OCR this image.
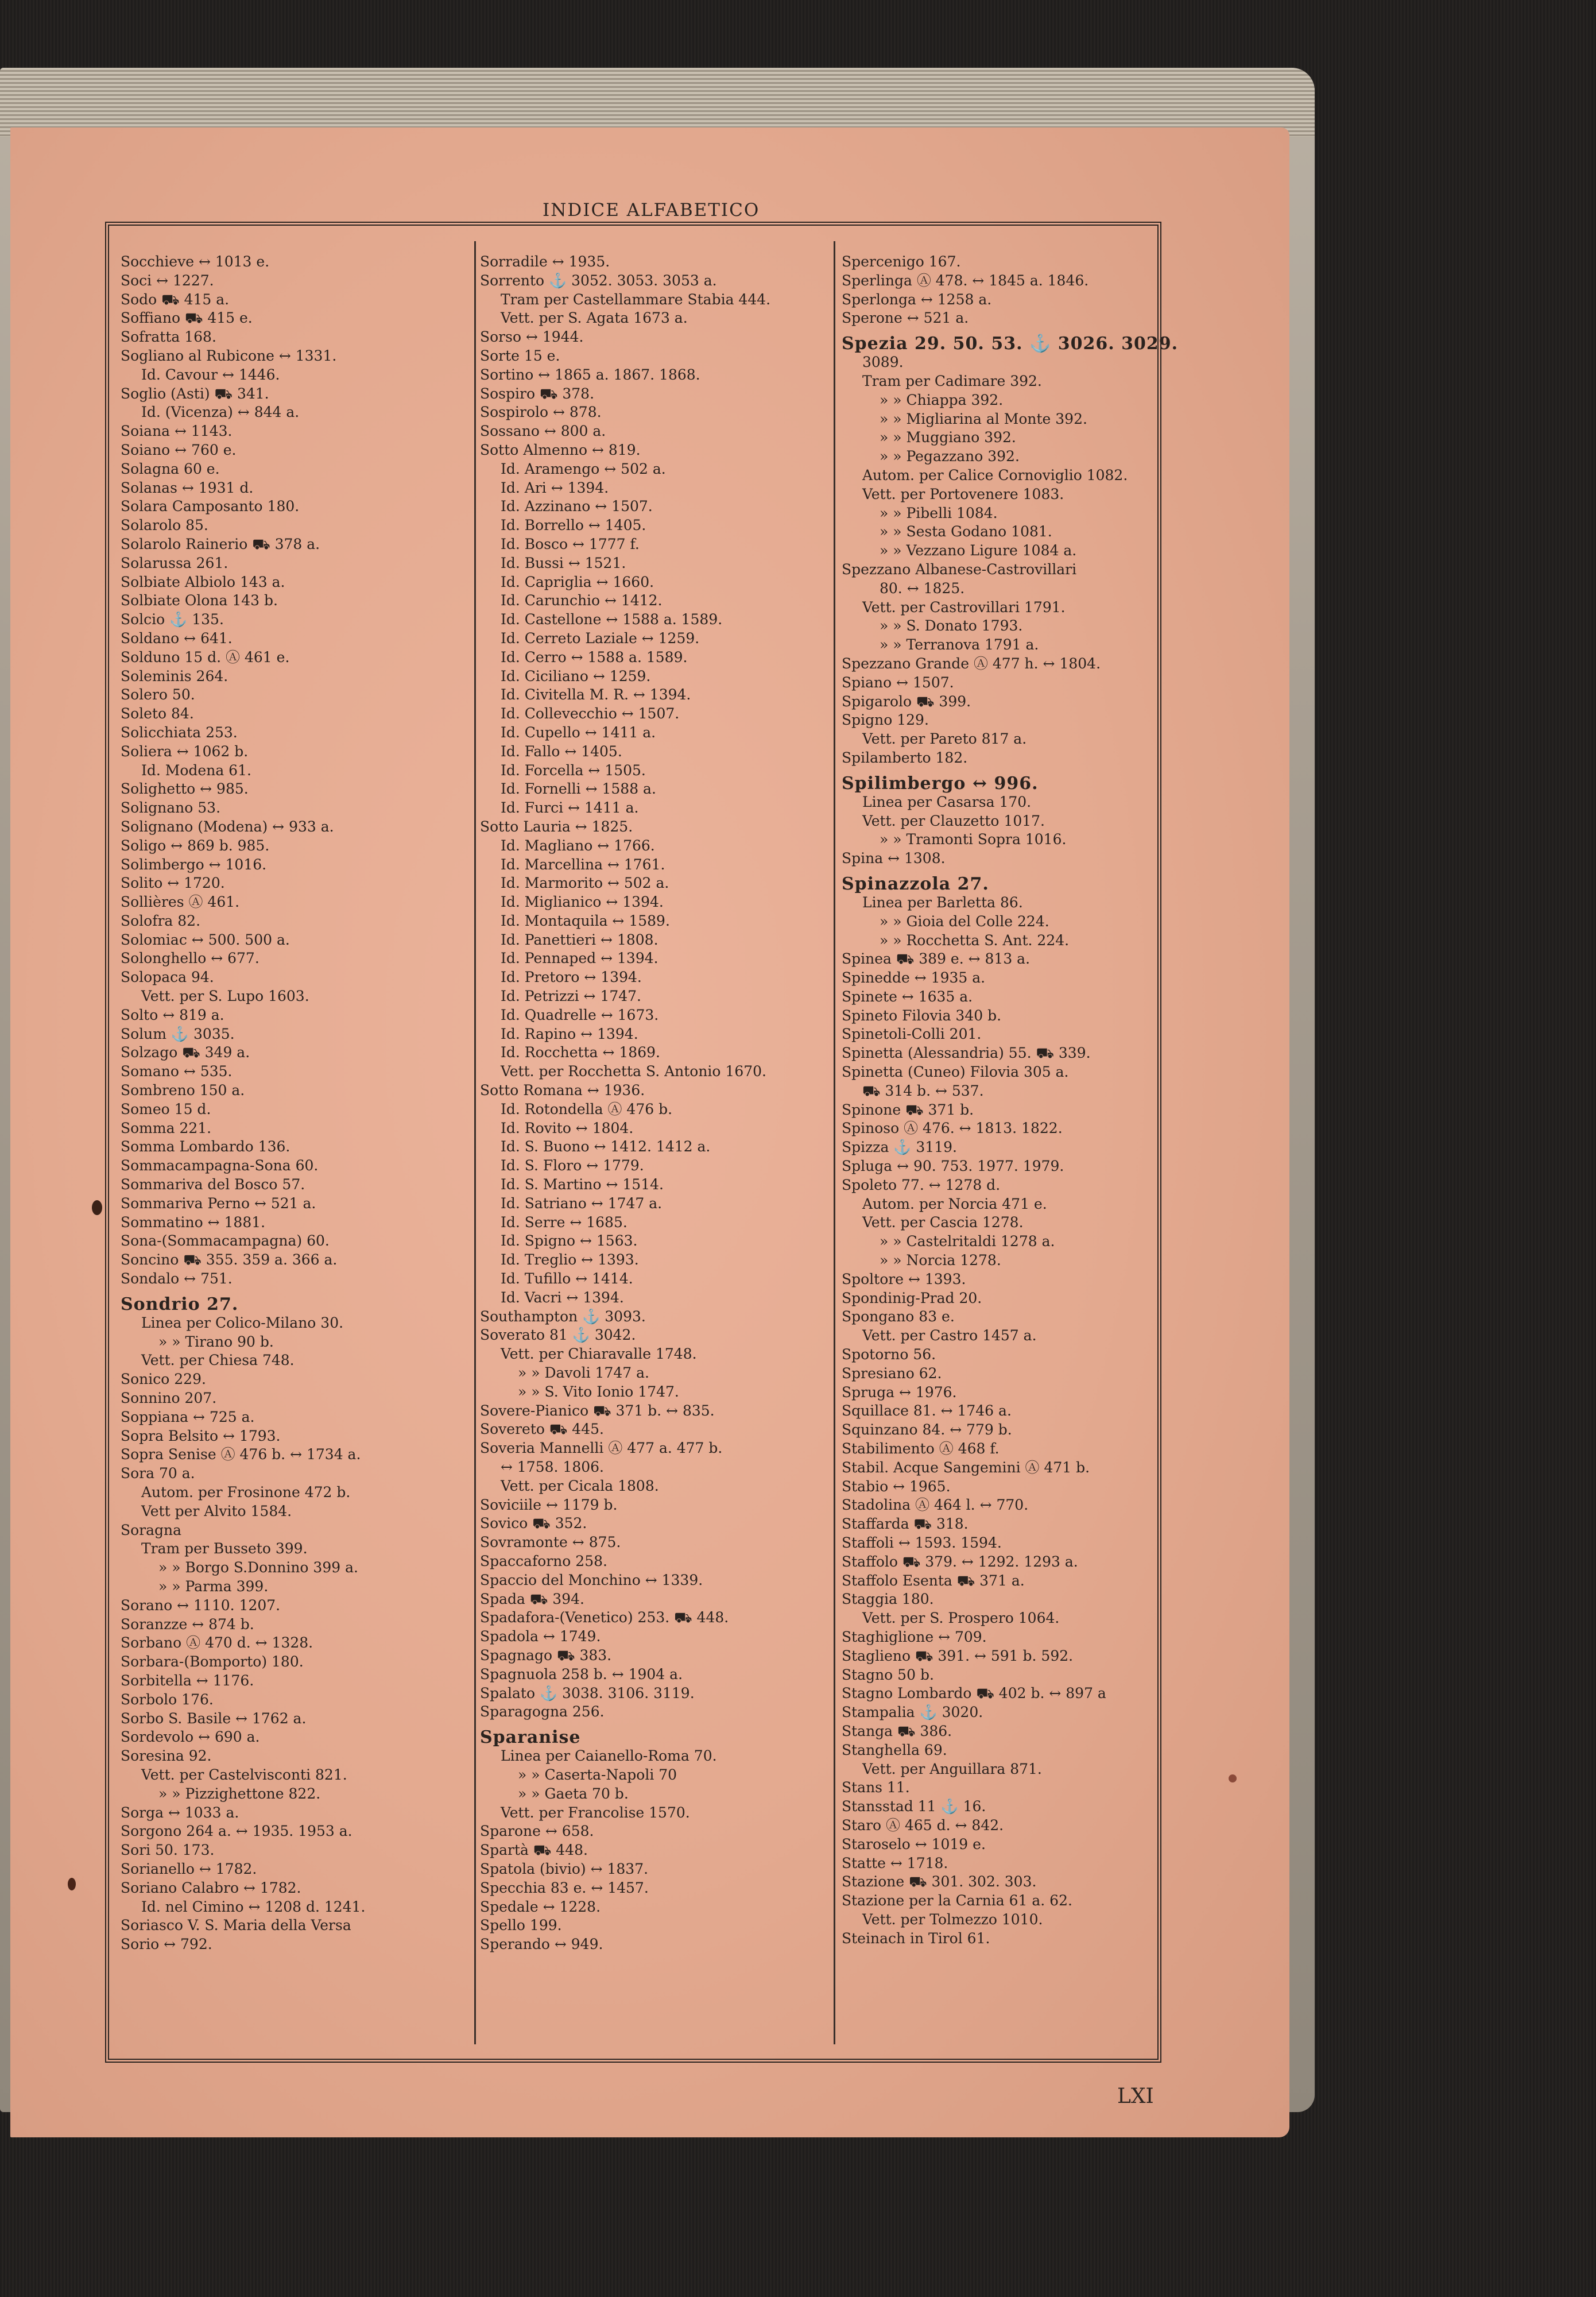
INDICE ALFABETICO
Socchieve ↔ 1013 e.
Soci ↔ 1227.
Sodo ⛟ 415 a.
Soffiano ⛟ 415 e.
Sofratta 168.
Sogliano al Rubicone ↔ 1331.
Id. Cavour ↔ 1446.
Soglio (Asti) ⛟ 341.
Id. (Vicenza) ↔ 844 a.
Soiana ↔ 1143.
Soiano ↔ 760 e.
Solagna 60 e.
Solanas ↔ 1931 d.
Solara Camposanto 180.
Solarolo 85.
Solarolo Rainerio ⛟ 378 a.
Solarussa 261.
Solbiate Albiolo 143 a.
Solbiate Olona 143 b.
Solcio ⚓ 135.
Soldano ↔ 641.
Solduno 15 d. Ⓐ 461 e.
Soleminis 264.
Solero 50.
Soleto 84.
Solicchiata 253.
Soliera ↔ 1062 b.
Id. Modena 61.
Solighetto ↔ 985.
Solignano 53.
Solignano (Modena) ↔ 933 a.
Soligo ↔ 869 b. 985.
Solimbergo ↔ 1016.
Solito ↔ 1720.
Sollières Ⓐ 461.
Solofra 82.
Solomiac ↔ 500. 500 a.
Solonghello ↔ 677.
Solopaca 94.
Vett. per S. Lupo 1603.
Solto ↔ 819 a.
Solum ⚓ 3035.
Solzago ⛟ 349 a.
Somano ↔ 535.
Sombreno 150 a.
Someo 15 d.
Somma 221.
Somma Lombardo 136.
Sommacampagna-Sona 60.
Sommariva del Bosco 57.
Sommariva Perno ↔ 521 a.
Sommatino ↔ 1881.
Sona-(Sommacampagna) 60.
Soncino ⛟ 355. 359 a. 366 a.
Sondalo ↔ 751.
Sondrio 27.
Linea per Colico-Milano 30.
» » Tirano 90 b.
Vett. per Chiesa 748.
Sonico 229.
Sonnino 207.
Soppiana ↔ 725 a.
Sopra Belsito ↔ 1793.
Sopra Senise Ⓐ 476 b. ↔ 1734 a.
Sora 70 a.
Autom. per Frosinone 472 b.
Vett per Alvito 1584.
Soragna
Tram per Busseto 399.
» » Borgo S.Donnino 399 a.
» » Parma 399.
Sorano ↔ 1110. 1207.
Soranzze ↔ 874 b.
Sorbano Ⓐ 470 d. ↔ 1328.
Sorbara-(Bomporto) 180.
Sorbitella ↔ 1176.
Sorbolo 176.
Sorbo S. Basile ↔ 1762 a.
Sordevolo ↔ 690 a.
Soresina 92.
Vett. per Castelvisconti 821.
» » Pizzighettone 822.
Sorga ↔ 1033 a.
Sorgono 264 a. ↔ 1935. 1953 a.
Sori 50. 173.
Sorianello ↔ 1782.
Soriano Calabro ↔ 1782.
Id. nel Cimino ↔ 1208 d. 1241.
Soriasco V. S. Maria della Versa
Sorio ↔ 792.
Sorradile ↔ 1935.
Sorrento ⚓ 3052. 3053. 3053 a.
Tram per Castellammare Stabia 444.
Vett. per S. Agata 1673 a.
Sorso ↔ 1944.
Sorte 15 e.
Sortino ↔ 1865 a. 1867. 1868.
Sospiro ⛟ 378.
Sospirolo ↔ 878.
Sossano ↔ 800 a.
Sotto Almenno ↔ 819.
Id. Aramengo ↔ 502 a.
Id. Ari ↔ 1394.
Id. Azzinano ↔ 1507.
Id. Borrello ↔ 1405.
Id. Bosco ↔ 1777 f.
Id. Bussi ↔ 1521.
Id. Capriglia ↔ 1660.
Id. Carunchio ↔ 1412.
Id. Castellone ↔ 1588 a. 1589.
Id. Cerreto Laziale ↔ 1259.
Id. Cerro ↔ 1588 a. 1589.
Id. Ciciliano ↔ 1259.
Id. Civitella M. R. ↔ 1394.
Id. Collevecchio ↔ 1507.
Id. Cupello ↔ 1411 a.
Id. Fallo ↔ 1405.
Id. Forcella ↔ 1505.
Id. Fornelli ↔ 1588 a.
Id. Furci ↔ 1411 a.
Sotto Lauria ↔ 1825.
Id. Magliano ↔ 1766.
Id. Marcellina ↔ 1761.
Id. Marmorito ↔ 502 a.
Id. Miglianico ↔ 1394.
Id. Montaquila ↔ 1589.
Id. Panettieri ↔ 1808.
Id. Pennaped ↔ 1394.
Id. Pretoro ↔ 1394.
Id. Petrizzi ↔ 1747.
Id. Quadrelle ↔ 1673.
Id. Rapino ↔ 1394.
Id. Rocchetta ↔ 1869.
Vett. per Rocchetta S. Antonio 1670.
Sotto Romana ↔ 1936.
Id. Rotondella Ⓐ 476 b.
Id. Rovito ↔ 1804.
Id. S. Buono ↔ 1412. 1412 a.
Id. S. Floro ↔ 1779.
Id. S. Martino ↔ 1514.
Id. Satriano ↔ 1747 a.
Id. Serre ↔ 1685.
Id. Spigno ↔ 1563.
Id. Treglio ↔ 1393.
Id. Tufillo ↔ 1414.
Id. Vacri ↔ 1394.
Southampton ⚓ 3093.
Soverato 81 ⚓ 3042.
Vett. per Chiaravalle 1748.
» » Davoli 1747 a.
» » S. Vito Ionio 1747.
Sovere-Pianico ⛟ 371 b. ↔ 835.
Sovereto ⛟ 445.
Soveria Mannelli Ⓐ 477 a. 477 b.
↔ 1758. 1806.
Vett. per Cicala 1808.
Soviciile ↔ 1179 b.
Sovico ⛟ 352.
Sovramonte ↔ 875.
Spaccaforno 258.
Spaccio del Monchino ↔ 1339.
Spada ⛟ 394.
Spadafora-(Venetico) 253. ⛟ 448.
Spadola ↔ 1749.
Spagnago ⛟ 383.
Spagnuola 258 b. ↔ 1904 a.
Spalato ⚓ 3038. 3106. 3119.
Sparagogna 256.
Sparanise
Linea per Caianello-Roma 70.
» » Caserta-Napoli 70
» » Gaeta 70 b.
Vett. per Francolise 1570.
Sparone ↔ 658.
Spartà ⛟ 448.
Spatola (bivio) ↔ 1837.
Specchia 83 e. ↔ 1457.
Spedale ↔ 1228.
Spello 199.
Sperando ↔ 949.
Spercenigo 167.
Sperlinga Ⓐ 478. ↔ 1845 a. 1846.
Sperlonga ↔ 1258 a.
Sperone ↔ 521 a.
Spezia 29. 50. 53. ⚓ 3026. 3029.
3089.
Tram per Cadimare 392.
» » Chiappa 392.
» » Migliarina al Monte 392.
» » Muggiano 392.
» » Pegazzano 392.
Autom. per Calice Cornoviglio 1082.
Vett. per Portovenere 1083.
» » Pibelli 1084.
» » Sesta Godano 1081.
» » Vezzano Ligure 1084 a.
Spezzano Albanese-Castrovillari
80. ↔ 1825.
Vett. per Castrovillari 1791.
» » S. Donato 1793.
» » Terranova 1791 a.
Spezzano Grande Ⓐ 477 h. ↔ 1804.
Spiano ↔ 1507.
Spigarolo ⛟ 399.
Spigno 129.
Vett. per Pareto 817 a.
Spilamberto 182.
Spilimbergo ↔ 996.
Linea per Casarsa 170.
Vett. per Clauzetto 1017.
» » Tramonti Sopra 1016.
Spina ↔ 1308.
Spinazzola 27.
Linea per Barletta 86.
» » Gioia del Colle 224.
» » Rocchetta S. Ant. 224.
Spinea ⛟ 389 e. ↔ 813 a.
Spinedde ↔ 1935 a.
Spinete ↔ 1635 a.
Spineto Filovia 340 b.
Spinetoli-Colli 201.
Spinetta (Alessandria) 55. ⛟ 339.
Spinetta (Cuneo) Filovia 305 a.
⛟ 314 b. ↔ 537.
Spinone ⛟ 371 b.
Spinoso Ⓐ 476. ↔ 1813. 1822.
Spizza ⚓ 3119.
Spluga ↔ 90. 753. 1977. 1979.
Spoleto 77. ↔ 1278 d.
Autom. per Norcia 471 e.
Vett. per Cascia 1278.
» » Castelritaldi 1278 a.
» » Norcia 1278.
Spoltore ↔ 1393.
Spondinig-Prad 20.
Spongano 83 e.
Vett. per Castro 1457 a.
Spotorno 56.
Spresiano 62.
Spruga ↔ 1976.
Squillace 81. ↔ 1746 a.
Squinzano 84. ↔ 779 b.
Stabilimento Ⓐ 468 f.
Stabil. Acque Sangemini Ⓐ 471 b.
Stabio ↔ 1965.
Stadolina Ⓐ 464 l. ↔ 770.
Staffarda ⛟ 318.
Staffoli ↔ 1593. 1594.
Staffolo ⛟ 379. ↔ 1292. 1293 a.
Staffolo Esenta ⛟ 371 a.
Staggia 180.
Vett. per S. Prospero 1064.
Staghiglione ↔ 709.
Staglieno ⛟ 391. ↔ 591 b. 592.
Stagno 50 b.
Stagno Lombardo ⛟ 402 b. ↔ 897 a
Stampalia ⚓ 3020.
Stanga ⛟ 386.
Stanghella 69.
Vett. per Anguillara 871.
Stans 11.
Stansstad 11 ⚓ 16.
Staro Ⓐ 465 d. ↔ 842.
Staroselo ↔ 1019 e.
Statte ↔ 1718.
Stazione ⛟ 301. 302. 303.
Stazione per la Carnia 61 a. 62.
Vett. per Tolmezzo 1010.
Steinach in Tirol 61.
LXI
